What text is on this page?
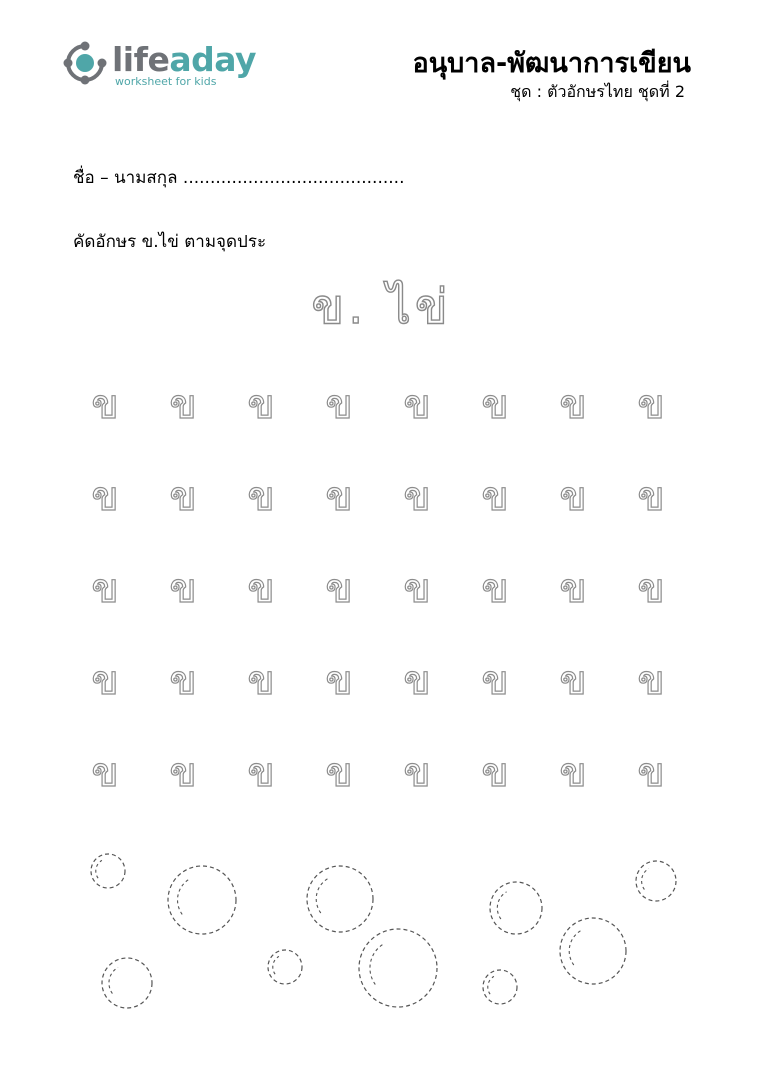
lifeaday
worksheet for kids
อนุบาล-พัฒนาการเขียน
ชุด : ตัวอักษรไทย ชุดที่ 2
ชื่อ – นามสกุล .........................................
คัดอักษร ข.ไข่ ตามจุดประ
ข. ไข่
ข	ข	ข	ข	ข	ข	ข	ข
ข	ข	ข	ข	ข	ข	ข	ข
ข	ข	ข	ข	ข	ข	ข	ข
ข	ข	ข	ข	ข	ข	ข	ข
ข	ข	ข	ข	ข	ข	ข	ข
